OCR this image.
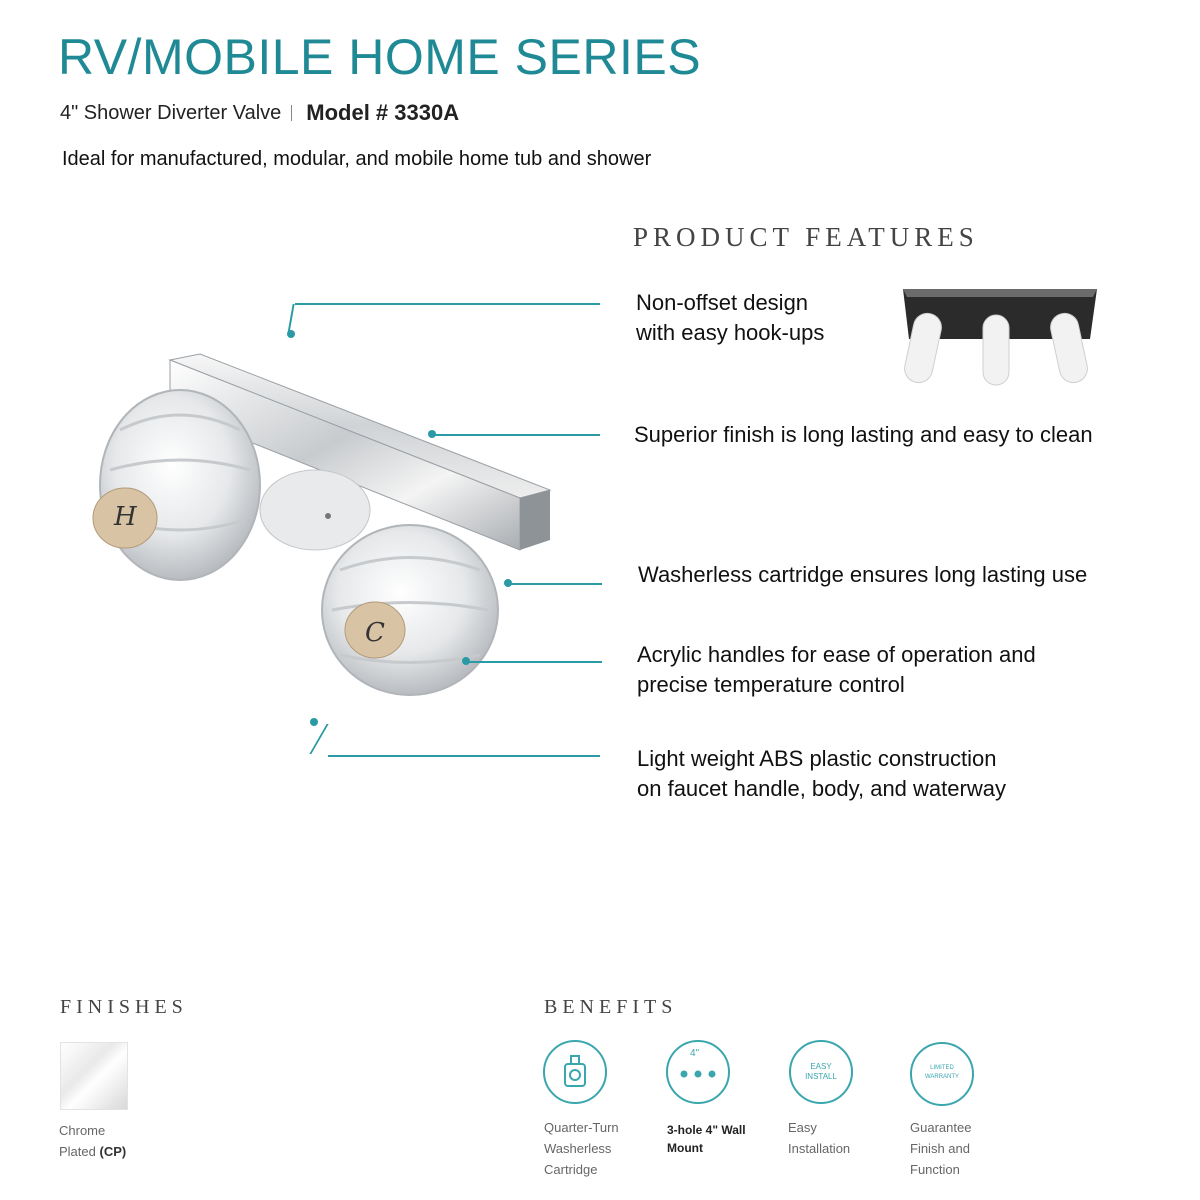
RV/MOBILE HOME SERIES
4" Shower Diverter Valve Model # 3330A
Ideal for manufactured, modular, and mobile home tub and shower
PRODUCT FEATURES
H
C
Non-offset design
with easy hook-ups
Superior finish is long lasting and easy to clean
Washerless cartridge ensures long lasting use
Acrylic handles for ease of operation and
precise temperature control
Light weight ABS plastic construction
on faucet handle, body, and waterway
FINISHES
Chrome
Plated (CP)
BENEFITS
Quarter-Turn
Washerless
Cartridge
4"
3-hole 4" Wall
Mount
EASY INSTALL
Easy
Installation
LIMITED WARRANTY
Guarantee
Finish and
Function
